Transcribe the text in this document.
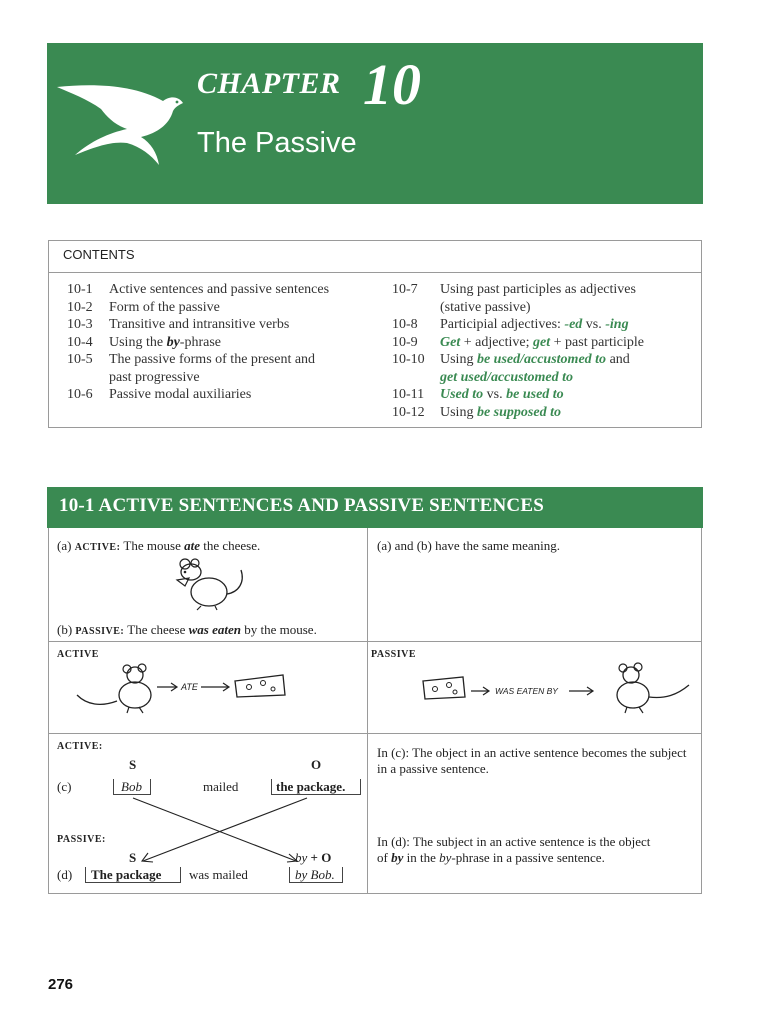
CHAPTER 10
The Passive
CONTENTS
10-1	Active sentences and passive sentences
10-2	Form of the passive
10-3	Transitive and intransitive verbs
10-4	Using the by-phrase
10-5	The passive forms of the present and
past progressive
10-6	Passive modal auxiliaries
10-7	Using past participles as adjectives
(stative passive)
10-8	Participial adjectives: -ed vs. -ing
10-9	Get + adjective; get + past participle
10-10	Using be used/accustomed to and
get used/accustomed to
10-11	Used to vs. be used to
10-12	Using be supposed to
10-1 ACTIVE SENTENCES AND PASSIVE SENTENCES
(a) ACTIVE: The mouse ate the cheese.
(b) PASSIVE: The cheese was eaten by the mouse.
(a) and (b) have the same meaning.
ACTIVE	PASSIVE
ATE	WAS EATEN BY
ACTIVE:
S	O
(c)	Bob	mailed	the package.
PASSIVE:
S	by + O
(d) The package was mailed	by Bob.
In (c): The object in an active sentence becomes the subject in a passive sentence.
In (d): The subject in an active sentence is the object
of by in the by-phrase in a passive sentence.
276
